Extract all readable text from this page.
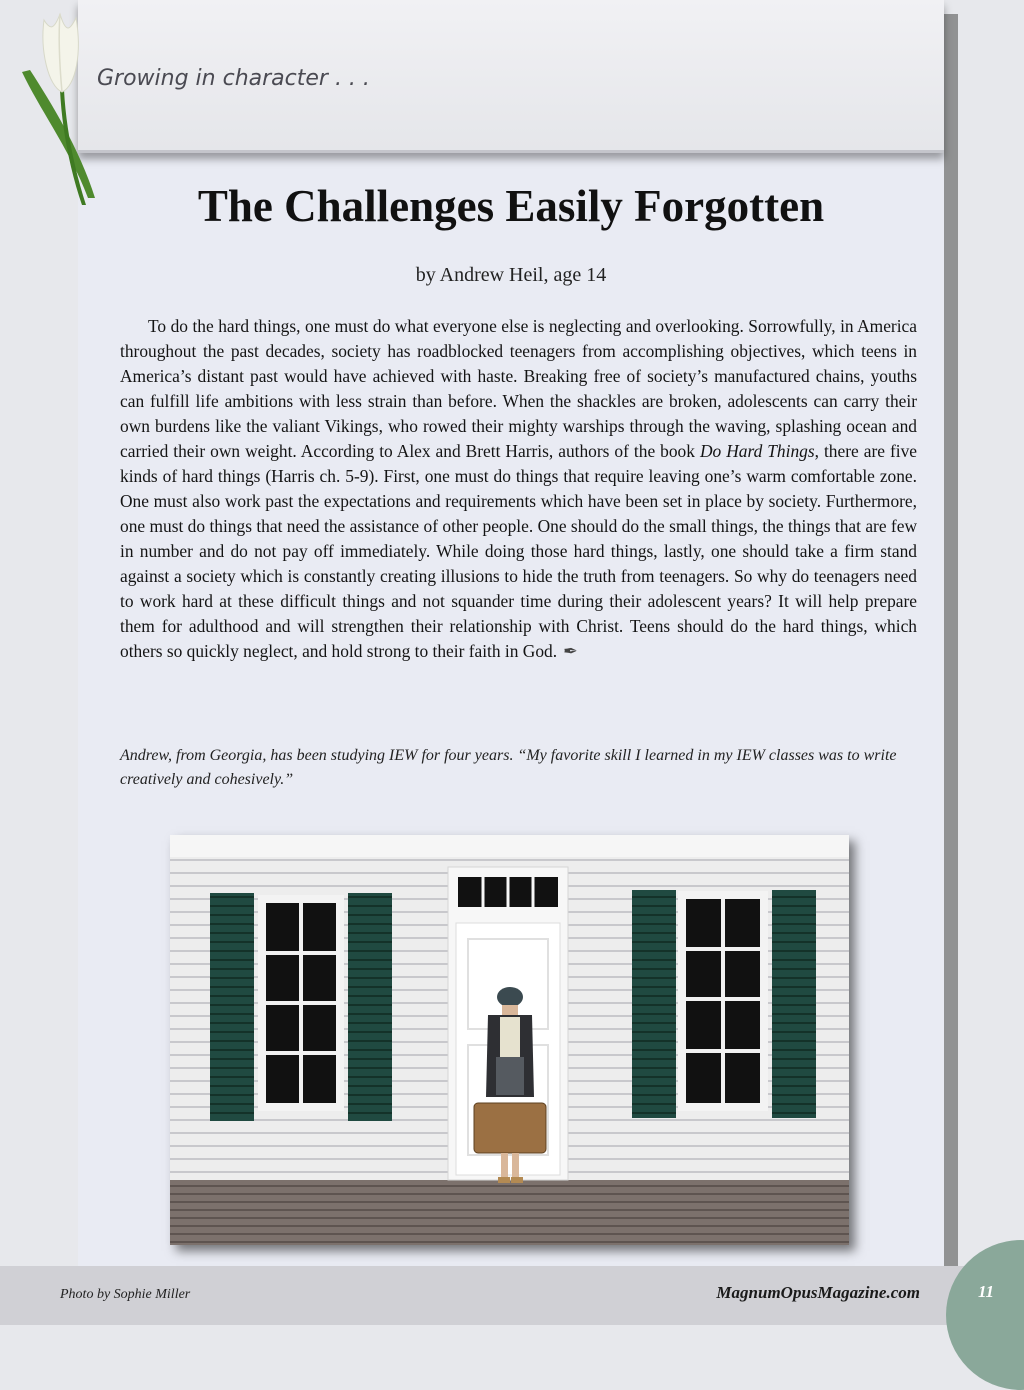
Growing in character . . .
The Challenges Easily Forgotten
by Andrew Heil, age 14

To do the hard things, one must do what everyone else is neglecting and overlooking. Sorrowfully, in America throughout the past decades, society has roadblocked teenagers from accomplishing objectives, which teens in America’s distant past would have achieved with haste. Breaking free of society’s manufactured chains, youths can fulfill life ambitions with less strain than before. When the shackles are broken, adolescents can carry their own burdens like the valiant Vikings, who rowed their mighty warships through the waving, splashing ocean and carried their own weight. According to Alex and Brett Harris, authors of the book Do Hard Things, there are five kinds of hard things (Harris ch. 5-9). First, one must do things that require leaving one’s warm comfortable zone. One must also work past the expectations and requirements which have been set in place by society. Furthermore, one must do things that need the assistance of other people. One should do the small things, the things that are few in number and do not pay off immediately. While doing those hard things, lastly, one should take a firm stand against a society which is constantly creating illusions to hide the truth from teenagers. So why do teenagers need to work hard at these difficult things and not squander time during their adolescent years? It will help prepare them for adulthood and will strengthen their relationship with Christ. Teens should do the hard things, which others so quickly neglect, and hold strong to their faith in God. ✒

Andrew, from Georgia, has been studying IEW for four years. “My favorite skill I learned in my IEW classes was to write creatively and cohesively.”

Photo by Sophie Miller	MagnumOpusMagazine.com	11
